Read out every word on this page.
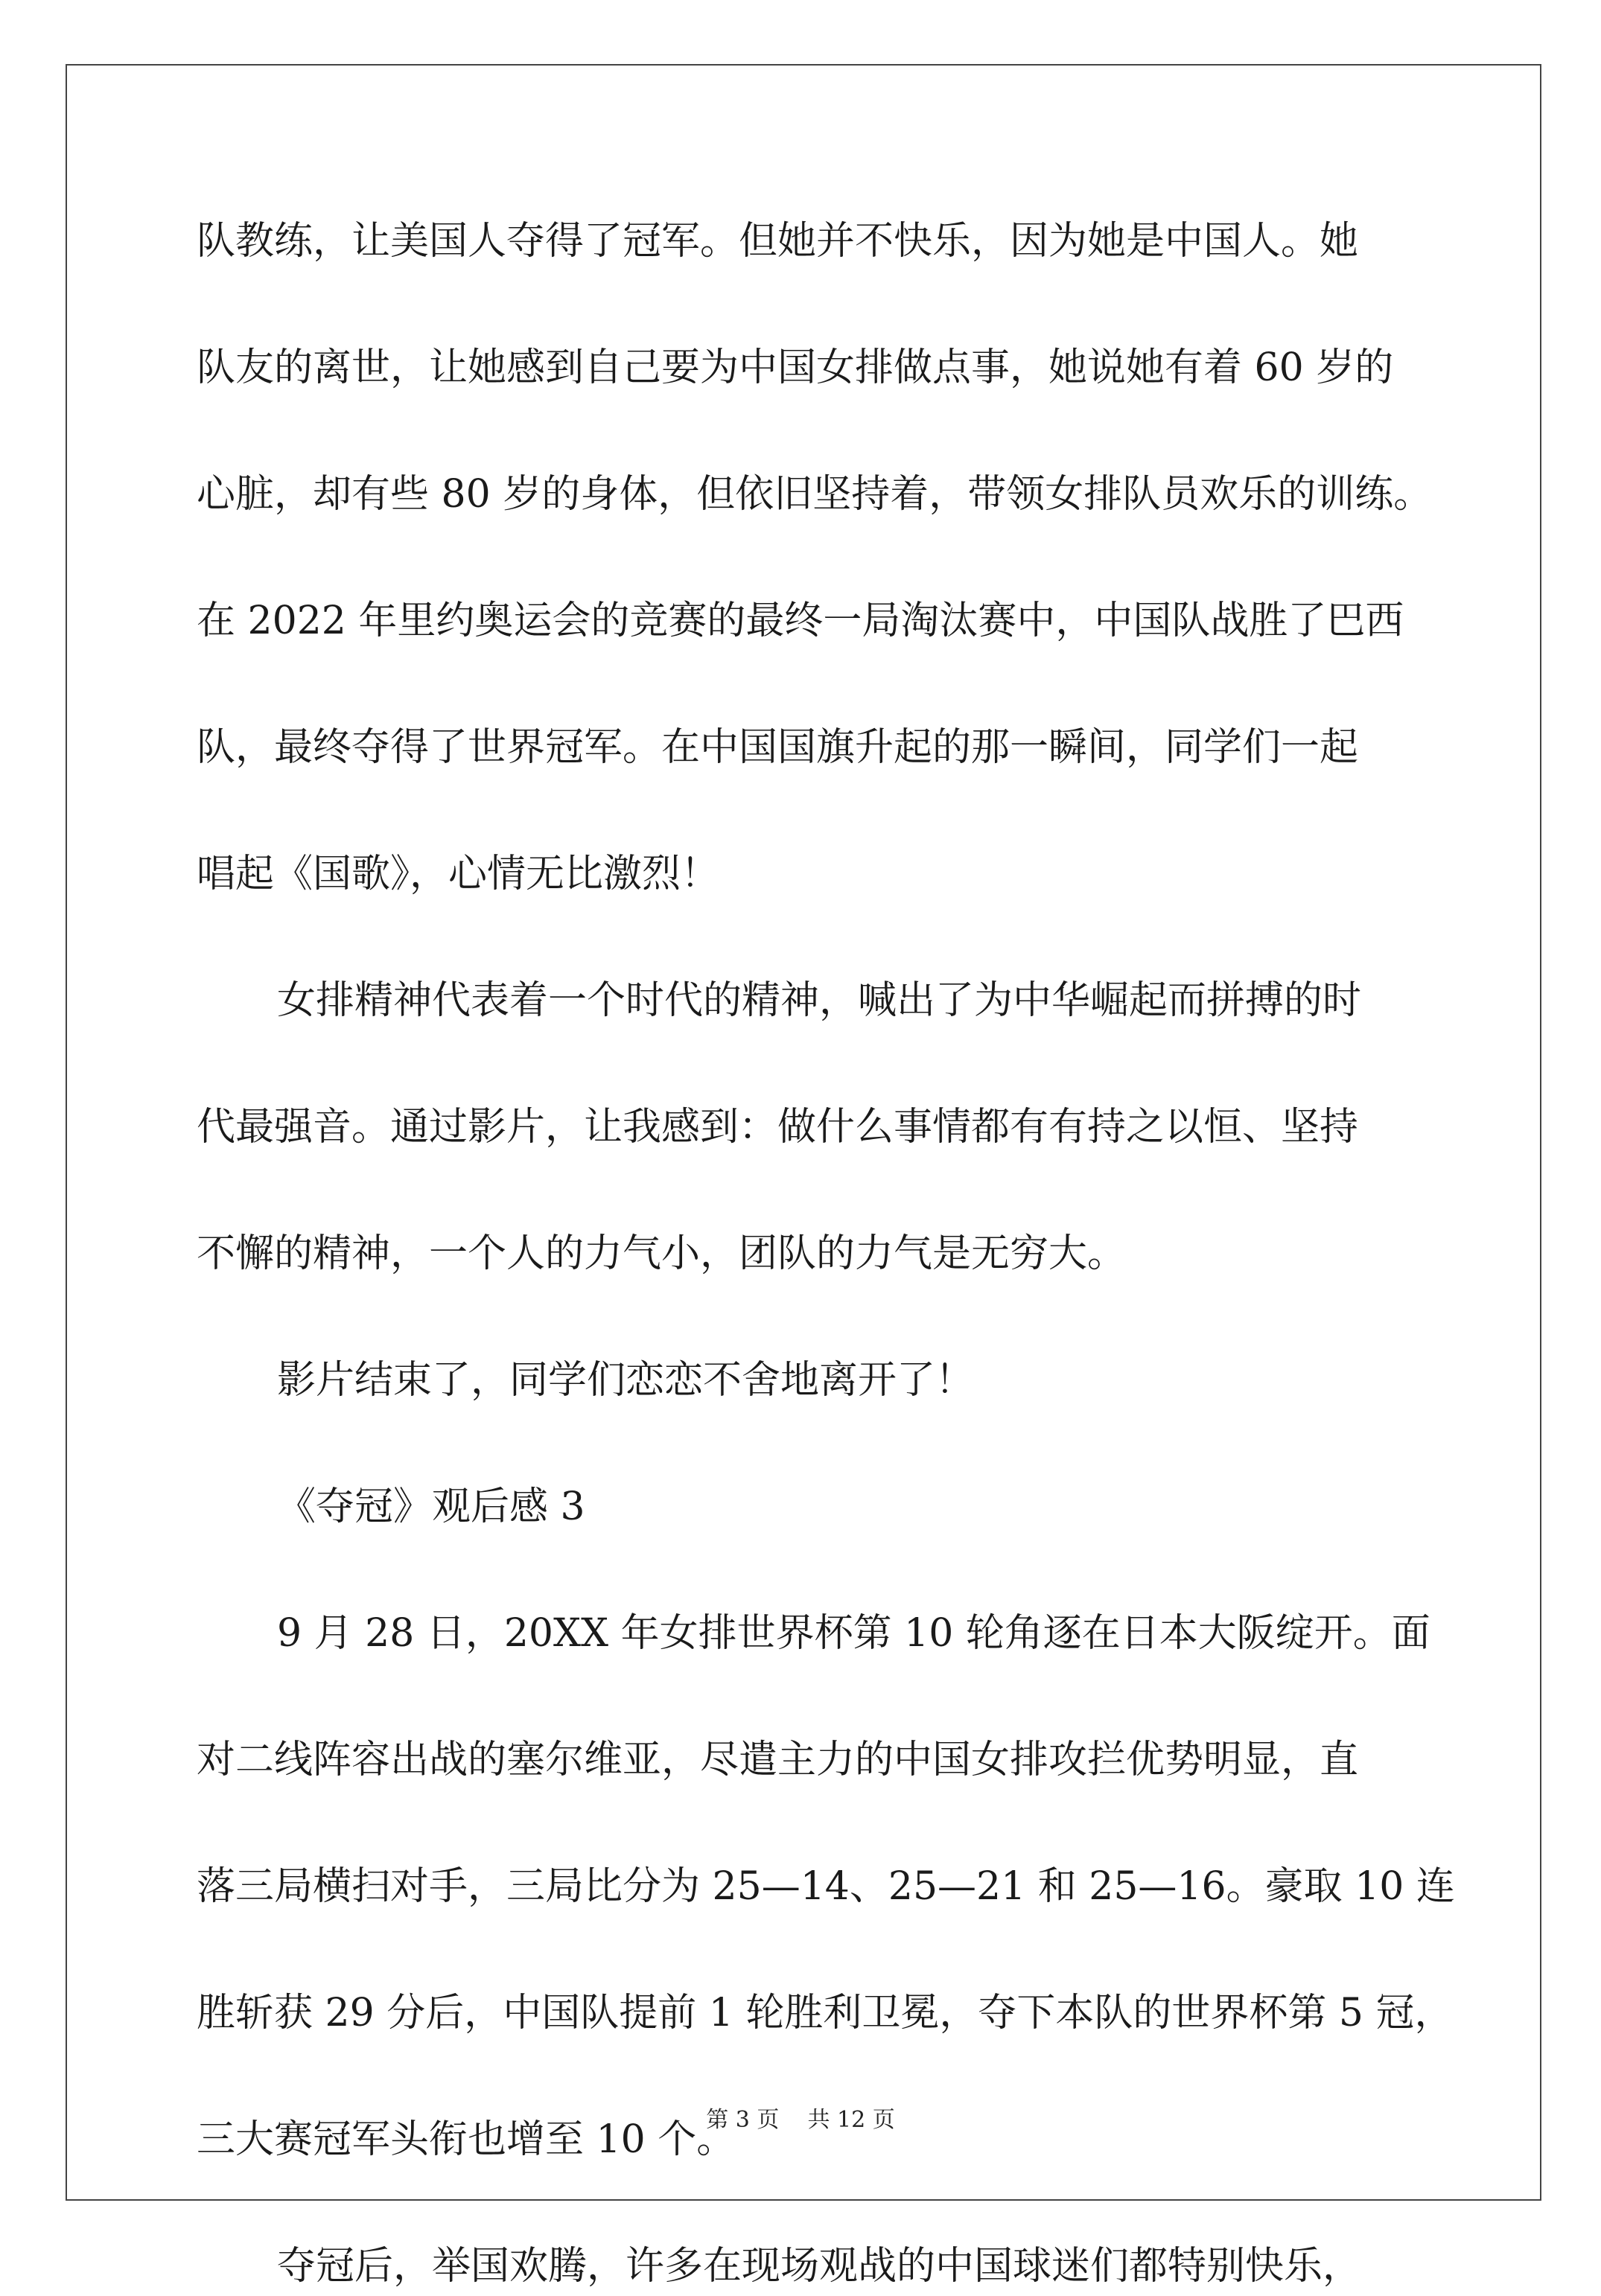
队教练，让美国人夺得了冠军。但她并不快乐，因为她是中国人。她
队友的离世，让她感到自己要为中国女排做点事，她说她有着 60 岁的
心脏，却有些 80 岁的身体，但依旧坚持着，带领女排队员欢乐的训练。
在 2022 年里约奥运会的竞赛的最终一局淘汰赛中，中国队战胜了巴西
队，最终夺得了世界冠军。在中国国旗升起的那一瞬间，同学们一起
唱起《国歌》，心情无比激烈！
女排精神代表着一个时代的精神，喊出了为中华崛起而拼搏的时
代最强音。通过影片，让我感到：做什么事情都有有持之以恒、坚持
不懈的精神，一个人的力气小，团队的力气是无穷大。
影片结束了，同学们恋恋不舍地离开了！
《夺冠》观后感 3
9 月 28 日，20XX 年女排世界杯第 10 轮角逐在日本大阪绽开。面
对二线阵容出战的塞尔维亚，尽遣主力的中国女排攻拦优势明显，直
落三局横扫对手，三局比分为 25—14、25—21 和 25—16。豪取 10 连
胜斩获 29 分后，中国队提前 1 轮胜利卫冕，夺下本队的世界杯第 5 冠，
三大赛冠军头衔也增至 10 个。
夺冠后，举国欢腾，许多在现场观战的中国球迷们都特别快乐，
第 3 页    共 12 页
